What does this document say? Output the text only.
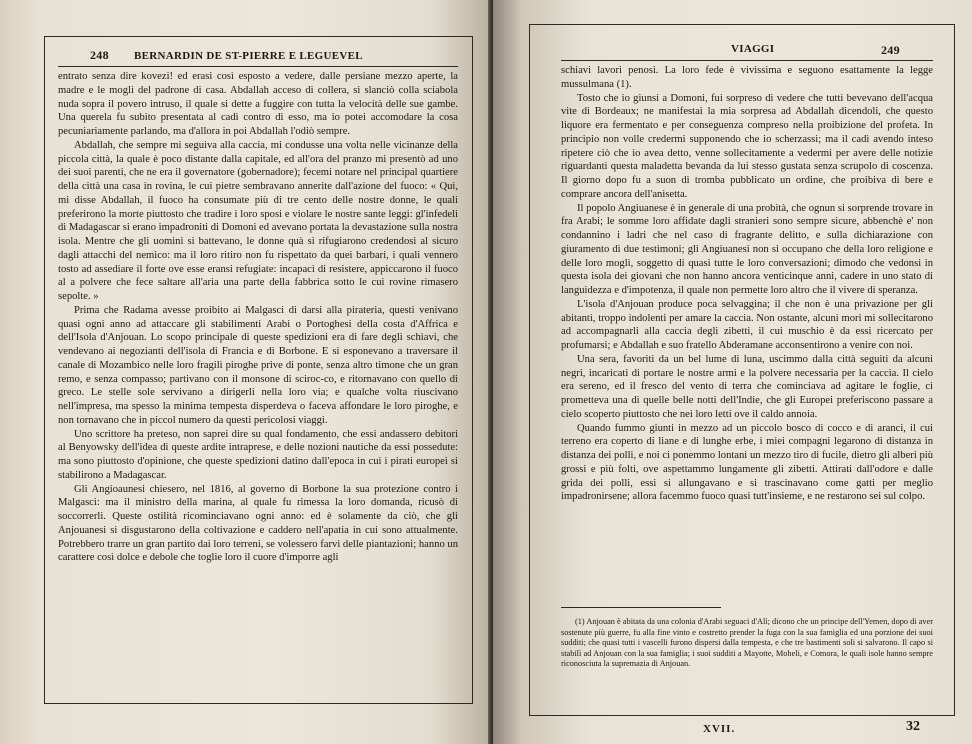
248 BERNARDIN DE ST-PIERRE E LEGUEVEL

entrato senza dire kovezi! ed erasi così esposto a vedere, dalle persiane mezzo aperte, la madre e le mogli del padrone di casa. Abdallah acceso di collera, si slanciò colla sciabola nuda sopra il povero intruso, il quale si dette a fuggire con tutta la velocità delle sue gambe. Una querela fu subito presentata al cadì contro di esso, ma io potei accomodare la cosa pecuniariamente parlando, ma d'allora in poi Abdallah l'odiò sempre.

Abdallah, che sempre mi seguiva alla caccia, mi condusse una volta nelle vicinanze della piccola città, la quale è poco distante dalla capitale, ed all'ora del pranzo mi presentò ad uno dei suoi parenti, che ne era il governatore (gobernadore); fecemi notare nel principal quartiere della città una casa in rovina, le cui pietre sembravano annerite dall'azione del fuoco: « Qui, mi disse Abdallah, il fuoco ha consumate più di tre cento delle nostre donne, le quali preferirono la morte piuttosto che tradire i loro sposi e violare le nostre sante leggi: gl'infedeli di Madagascar si erano impadroniti di Domoni ed avevano portata la devastazione sulla nostra isola. Mentre che gli uomini si battevano, le donne quà si rifugiarono credendosi al sicuro dagli attacchi del nemico: ma il loro ritiro non fu rispettato da quei barbari, i quali vennero tosto ad assediare il forte ove esse eransi refugiate: incapaci di resistere, appiccarono il fuoco al a polvere che fece saltare all'aria una parte della fabbrica sotto le cui rovine rimasero sepolte. »

Prima che Radama avesse proibito ai Malgasci di darsi alla pirateria, questi venivano quasi ogni anno ad attaccare gli stabilimenti Arabi o Portoghesi della costa d'Affrica e dell'Isola d'Anjouan. Lo scopo principale di queste spedizioni era di fare degli schiavi, che vendevano ai negozianti dell'isola di Francia e di Borbone. E si esponevano a traversare il canale di Mozambico nelle loro fragili piroghe prive di ponte, senza altro timone che un gran remo, e senza compasso; partivano con il monsone di sciroc-co, e ritornavano con quello di greco. Le stelle sole servivano a dirigerli nella loro via; e qualche volta riuscivano nell'impresa, ma spesso la minima tempesta disperdeva o faceva affondare le loro piroghe, e non tornavano che in piccol numero da questi pericolosi viaggi.

Uno scrittore ha preteso, non saprei dire su qual fondamento, che essi andassero debitori al Benyowsky dell'idea di queste ardite intraprese, e delle nozioni nautiche da essi possedute: ma sono piuttosto d'opinione, che queste spedizioni datino dall'epoca in cui i pirati europei si stabilirono a Madagascar.

Gli Angioaunesi chiesero, nel 1816, al governo di Borbone la sua protezione contro i Malgasci: ma il ministro della marina, al quale fu rimessa la loro domanda, ricusò di soccorrerli. Queste ostilità ricominciavano ogni anno: ed è solamente da ciò, che gli Anjouanesi si disgustarono della coltivazione e caddero nell'apatia in cui sono attualmente. Potrebbero trarre un gran partito dai loro terreni, se volessero farvi delle piantazioni; hanno un carattere così dolce e debole che toglie loro il cuore d'imporre agli

VIAGGI	249

schiavi lavori penosi. La loro fede è vivissima e seguono esattamente la legge mussulmana (1).

Tosto che io giunsi a Domoni, fui sorpreso di vedere che tutti bevevano dell'acqua vite di Bordeaux; ne manifestai la mia sorpresa ad Abdallah dicendoli, che questo liquore era fermentato e per conseguenza compreso nella proibizione del profeta. In principio non volle credermi supponendo che io scherzassi; ma il cadì avendo inteso ripetere ciò che io avea detto, venne sollecitamente a vedermi per avere delle notizie riguardanti questa maladetta bevanda da lui stesso gustata senza scrupolo di coscenza. Il giorno dopo fu a suon di tromba pubblicato un ordine, che proibiva di bere e comprare ancora dell'anisetta.

Il popolo Angiuanese è in generale di una probità, che ognun si sorprende trovare in fra Arabi; le somme loro affidate dagli stranieri sono sempre sicure, abbenchè e' non condannino i ladri che nel caso di fragrante delitto, e sulla dichiarazione con giuramento di due testimoni; gli Angiuanesi non si occupano che della loro religione e delle loro mogli, soggetto di quasi tutte le loro conversazioni; dimodo che vedonsi in questa isola dei giovani che non hanno ancora venticinque anni, cadere in uno stato di languidezza e d'impotenza, il quale non permette loro altro che il vivere di speranza.

L'isola d'Anjouan produce poca selvaggina; il che non è una privazione per gli abitanti, troppo indolenti per amare la caccia. Non ostante, alcuni mori mi sollecitarono ad accompagnarli alla caccia degli zibetti, il cui muschio è da essi ricercato per profumarsi; e Abdallah e suo fratello Abderamane acconsentirono a venire con noi.

Una sera, favoriti da un bel lume di luna, uscimmo dalla città seguiti da alcuni negri, incaricati di portare le nostre armi e la polvere necessaria per la caccia. Il cielo era sereno, ed il fresco del vento di terra che cominciava ad agitare le foglie, ci prometteva una di quelle belle notti dell'Indie, che gli Europei preferiscono passare a cielo scoperto piuttosto che nei loro letti ove il caldo annoia.

Quando fummo giunti in mezzo ad un piccolo bosco di cocco e di aranci, il cui terreno era coperto di liane e di lunghe erbe, i miei compagni legarono di distanza in distanza dei polli, e noi ci ponemmo lontani un mezzo tiro di fucile, dietro gli alberi più grossi e più folti, ove aspettammo lungamente gli zibetti. Attirati dall'odore e dalle grida dei polli, essi si allungavano e si trascinavano come gatti per meglio impadronirsene; allora facemmo fuoco quasi tutt'insieme, e ne restarono sei sul colpo.

(1) Anjouan è abitata da una colonia d'Arabi seguaci d'Alì; dicono che un principe dell'Yemen, dopo di aver sostenute più guerre, fu alla fine vinto e costretto prender la fuga con la sua famiglia ed una porzione dei suoi sudditi; che quasi tutti i vascelli furono dispersi dalla tempesta, e che tre bastimenti soli si salvarono. Il capo si stabilì ad Anjouan con la sua famiglia; i suoi sudditi a Mayotte, Moheli, e Comora, le quali isole hanno sempre riconosciuta la supremazia di Anjouan.

XVII.	32
